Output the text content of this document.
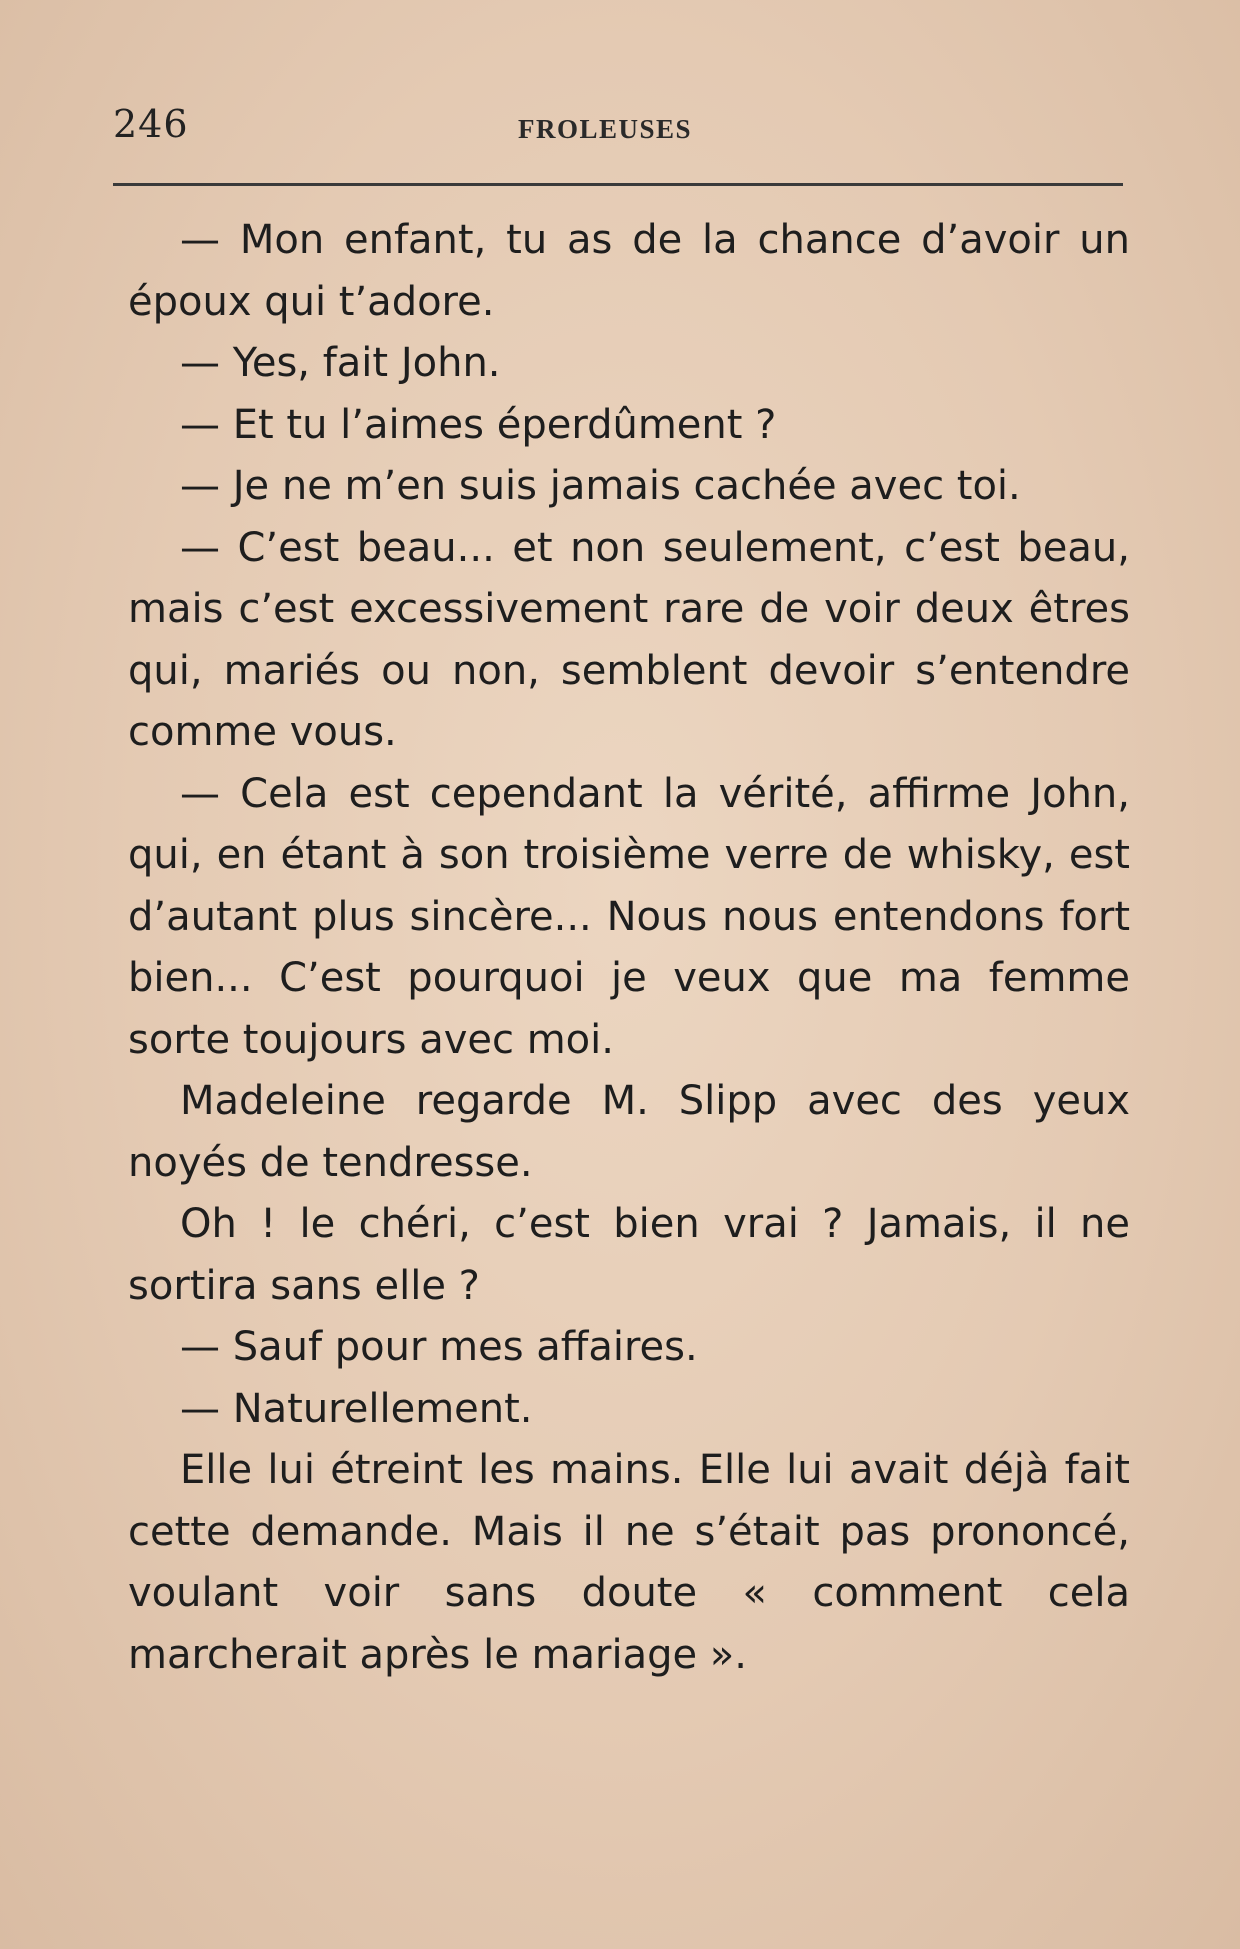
246	FROLEUSES

— Mon enfant, tu as de la chance d’avoir un époux qui t’adore.

— Yes, fait John.

— Et tu l’aimes éperdûment ?

— Je ne m’en suis jamais cachée avec toi.

— C’est beau... et non seulement, c’est beau, mais c’est excessivement rare de voir deux êtres qui, mariés ou non, semblent devoir s’entendre comme vous.

— Cela est cependant la vérité, affirme John, qui, en étant à son troisième verre de whisky, est d’autant plus sincère... Nous nous entendons fort bien... C’est pourquoi je veux que ma femme sorte toujours avec moi.

Madeleine regarde M. Slipp avec des yeux noyés de tendresse.

Oh ! le chéri, c’est bien vrai ? Jamais, il ne sortira sans elle ?

— Sauf pour mes affaires.

— Naturellement.

Elle lui étreint les mains. Elle lui avait déjà fait cette demande. Mais il ne s’était pas prononcé, voulant voir sans doute « comment cela marcherait après le mariage ».
